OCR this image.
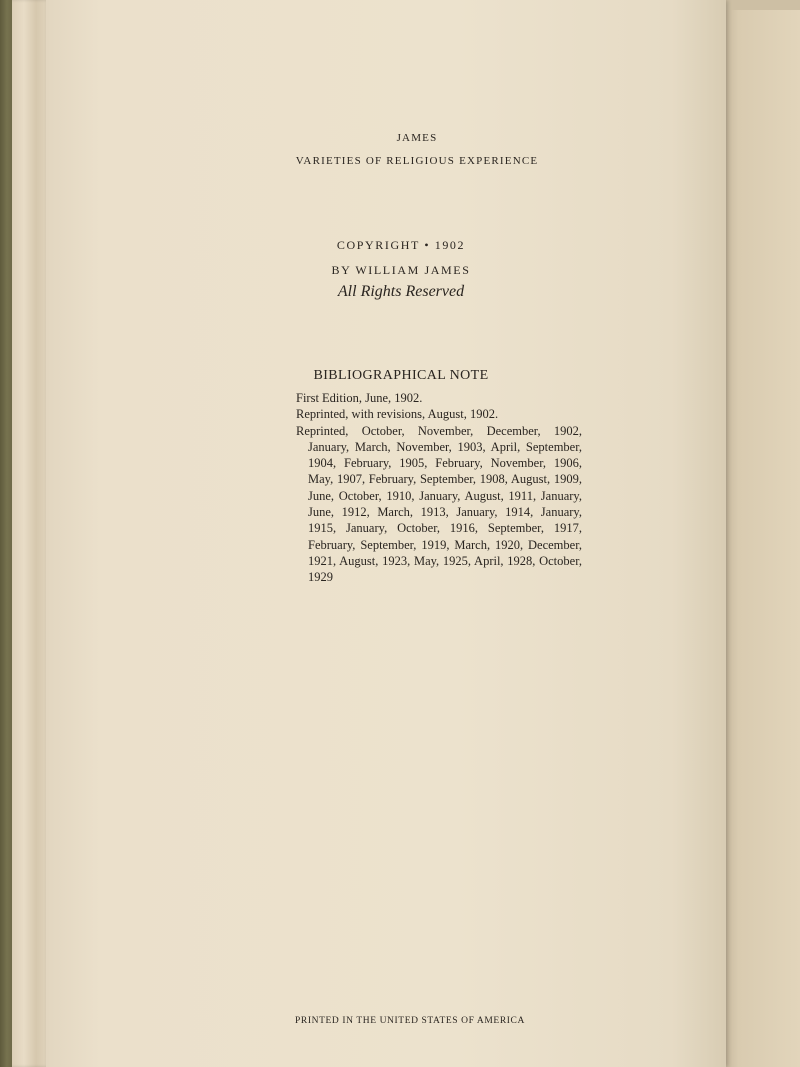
JAMES
VARIETIES OF RELIGIOUS EXPERIENCE
COPYRIGHT • 1902
BY WILLIAM JAMES
All Rights Reserved
BIBLIOGRAPHICAL NOTE

First Edition, June, 1902.

Reprinted, with revisions, August, 1902.

Reprinted, October, November, December, 1902, January, March, November, 1903, April, September, 1904, February, 1905, February, November, 1906, May, 1907, February, September, 1908, August, 1909, June, October, 1910, January, August, 1911, January, June, 1912, March, 1913, January, 1914, January, 1915, January, October, 1916, September, 1917, February, September, 1919, March, 1920, December, 1921, August, 1923, May, 1925, April, 1928, October, 1929

PRINTED IN THE UNITED STATES OF AMERICA
